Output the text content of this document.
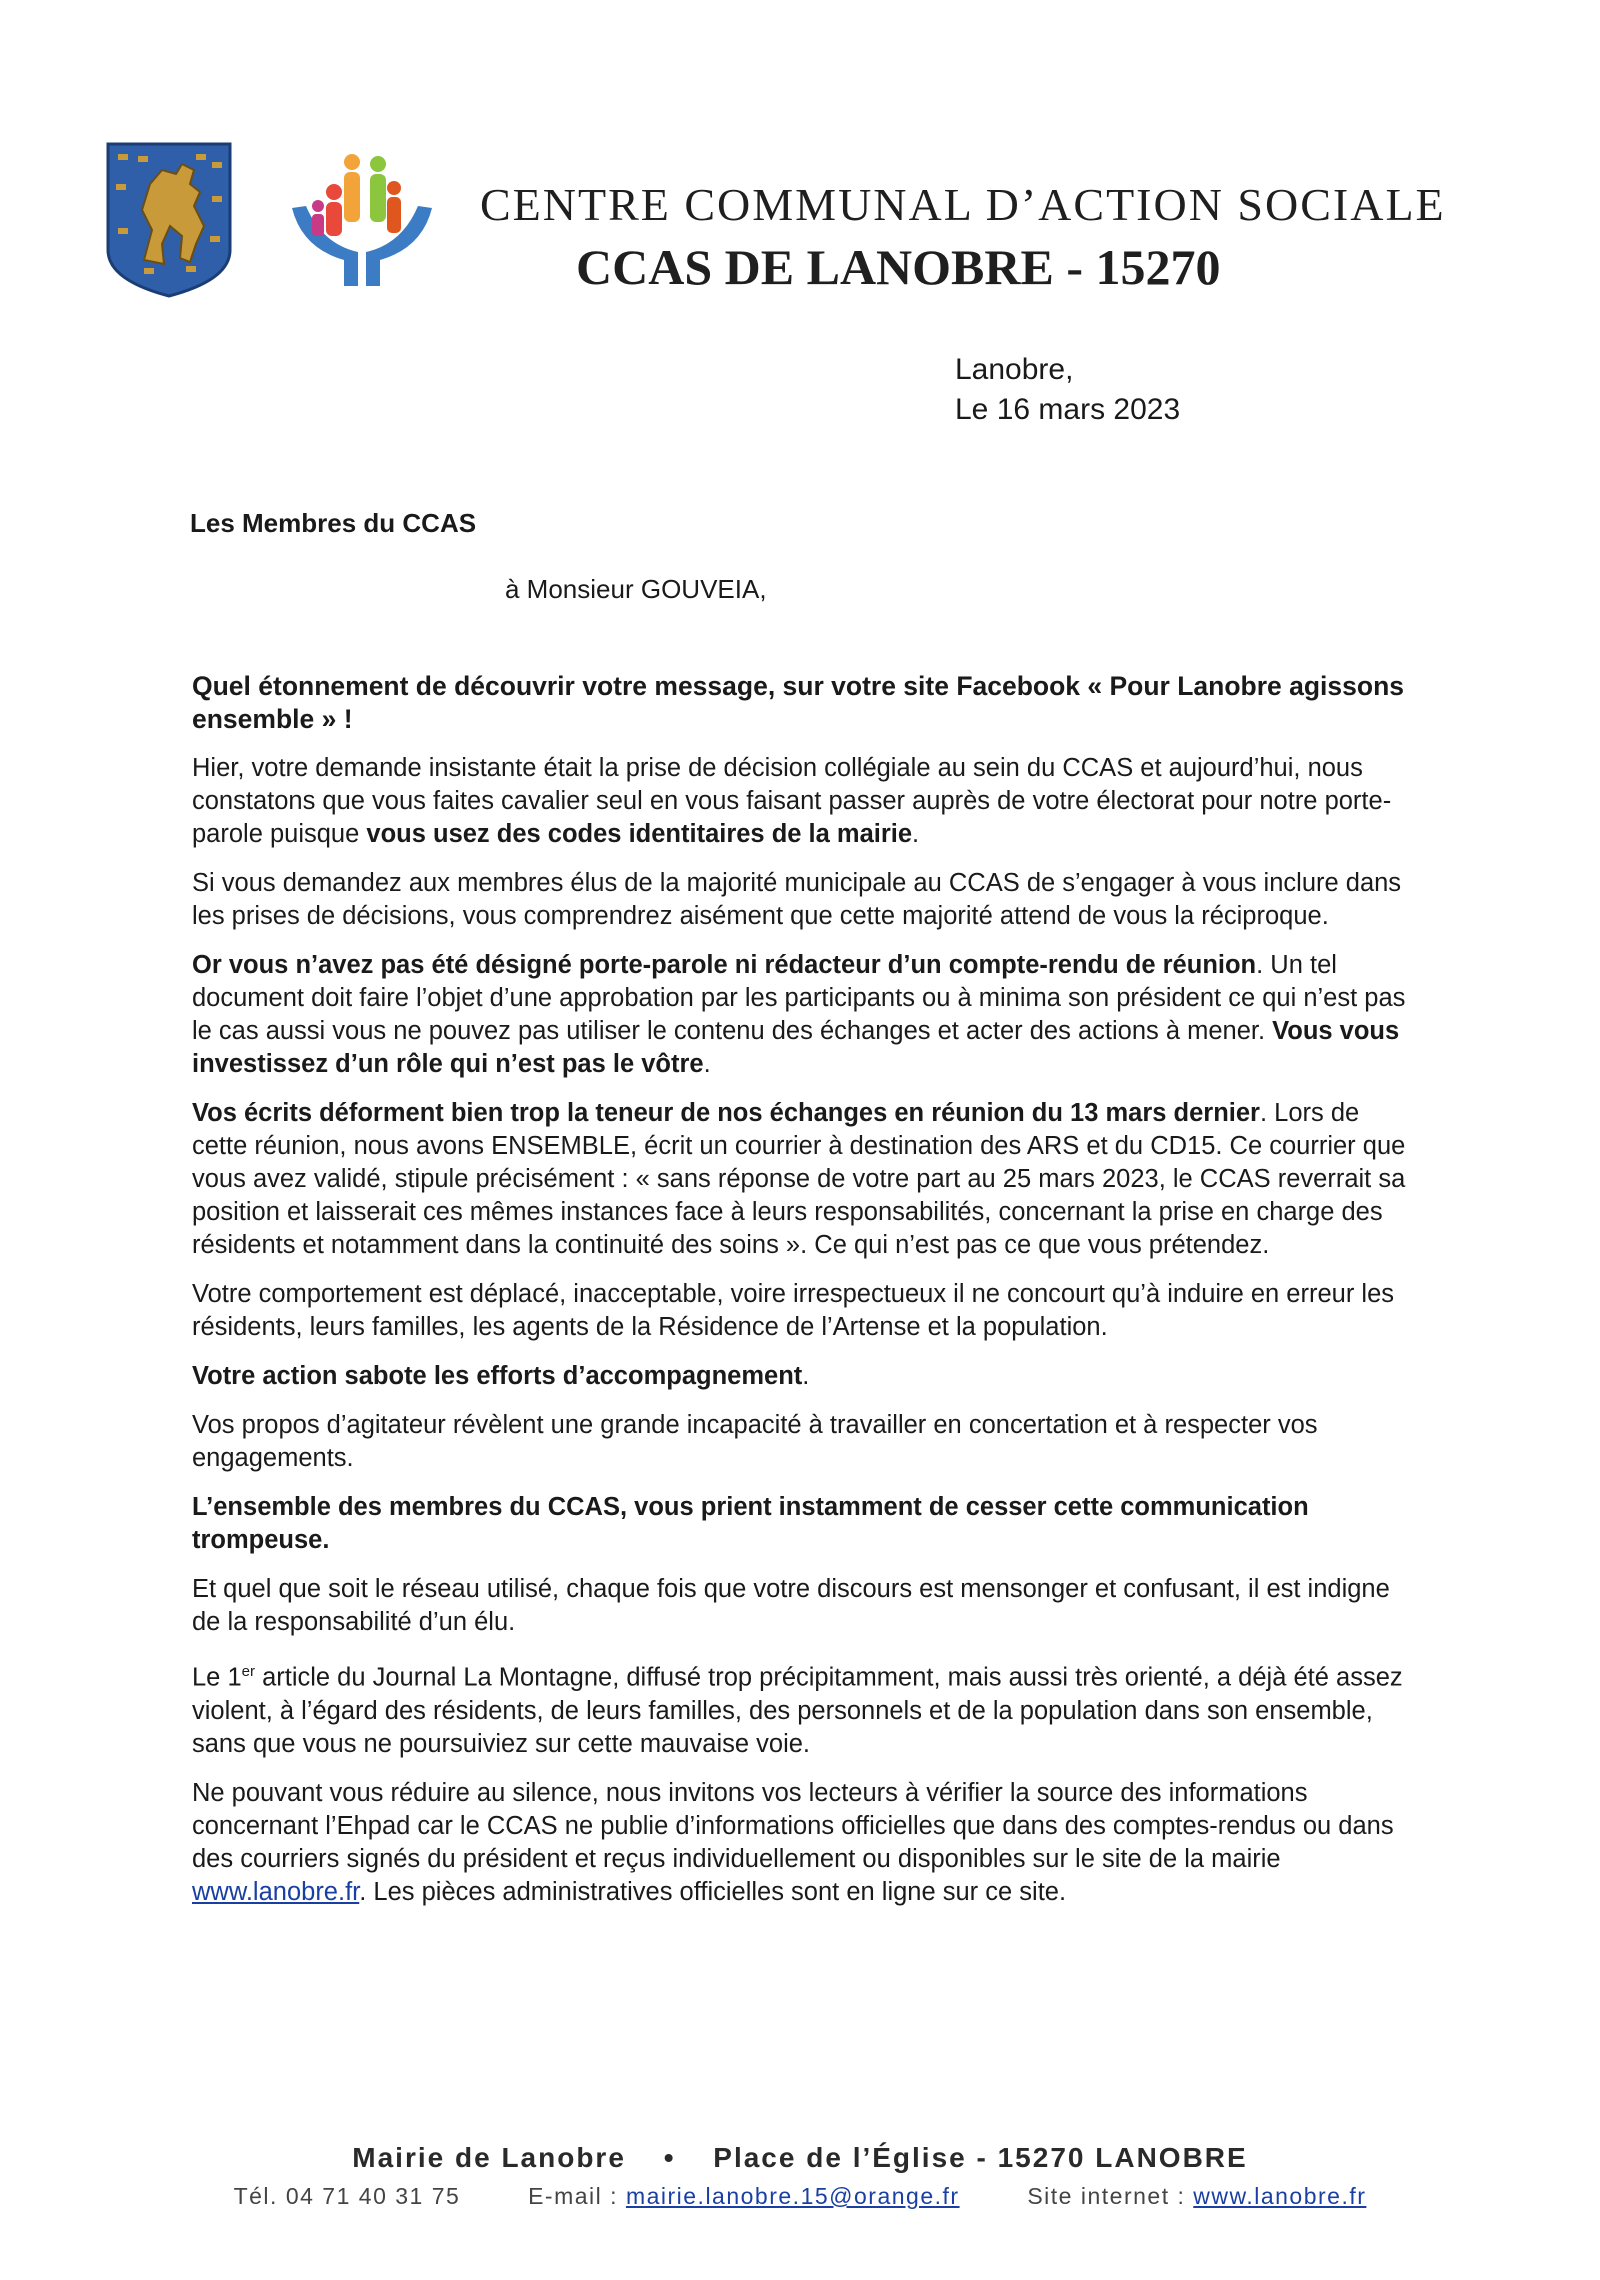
CENTRE COMMUNAL D’ACTION SOCIALE
CCAS DE LANOBRE - 15270
Lanobre,
Le 16 mars 2023
Les Membres du CCAS
à Monsieur GOUVEIA,

Quel étonnement de découvrir votre message, sur votre site Facebook « Pour Lanobre agissons ensemble » !

Hier, votre demande insistante était la prise de décision collégiale au sein du CCAS et aujourd’hui, nous constatons que vous faites cavalier seul en vous faisant passer auprès de votre électorat pour notre porte-parole puisque vous usez des codes identitaires de la mairie.

Si vous demandez aux membres élus de la majorité municipale au CCAS de s’engager à vous inclure dans les prises de décisions, vous comprendrez aisément que cette majorité attend de vous la réciproque.

Or vous n’avez pas été désigné porte-parole ni rédacteur d’un compte-rendu de réunion. Un tel document doit faire l’objet d’une approbation par les participants ou à minima son président ce qui n’est pas le cas aussi vous ne pouvez pas utiliser le contenu des échanges et acter des actions à mener. Vous vous investissez d’un rôle qui n’est pas le vôtre.

Vos écrits déforment bien trop la teneur de nos échanges en réunion du 13 mars dernier. Lors de cette réunion, nous avons ENSEMBLE, écrit un courrier à destination des ARS et du CD15. Ce courrier que vous avez validé, stipule précisément : « sans réponse de votre part au 25 mars 2023, le CCAS reverrait sa position et laisserait ces mêmes instances face à leurs responsabilités, concernant la prise en charge des résidents et notamment dans la continuité des soins ». Ce qui n’est pas ce que vous prétendez.

Votre comportement est déplacé, inacceptable, voire irrespectueux il ne concourt qu’à induire en erreur les résidents, leurs familles, les agents de la Résidence de l’Artense et la population.

Votre action sabote les efforts d’accompagnement.

Vos propos d’agitateur révèlent une grande incapacité à travailler en concertation et à respecter vos engagements.

L’ensemble des membres du CCAS, vous prient instamment de cesser cette communication trompeuse.

Et quel que soit le réseau utilisé, chaque fois que votre discours est mensonger et confusant, il est indigne de la responsabilité d’un élu.

Le 1er article du Journal La Montagne, diffusé trop précipitamment, mais aussi très orienté, a déjà été assez violent, à l’égard des résidents, de leurs familles, des personnels et de la population dans son ensemble, sans que vous ne poursuiviez sur cette mauvaise voie.

Ne pouvant vous réduire au silence, nous invitons vos lecteurs à vérifier la source des informations concernant l’Ehpad car le CCAS ne publie d’informations officielles que dans des comptes-rendus ou dans des courriers signés du président et reçus individuellement ou disponibles sur le site de la mairie www.lanobre.fr. Les pièces administratives officielles sont en ligne sur ce site.

Mairie de Lanobre • Place de l’Église - 15270 LANOBRE
Tél. 04 71 40 31 75	E-mail : mairie.lanobre.15@orange.fr	Site internet : www.lanobre.fr
